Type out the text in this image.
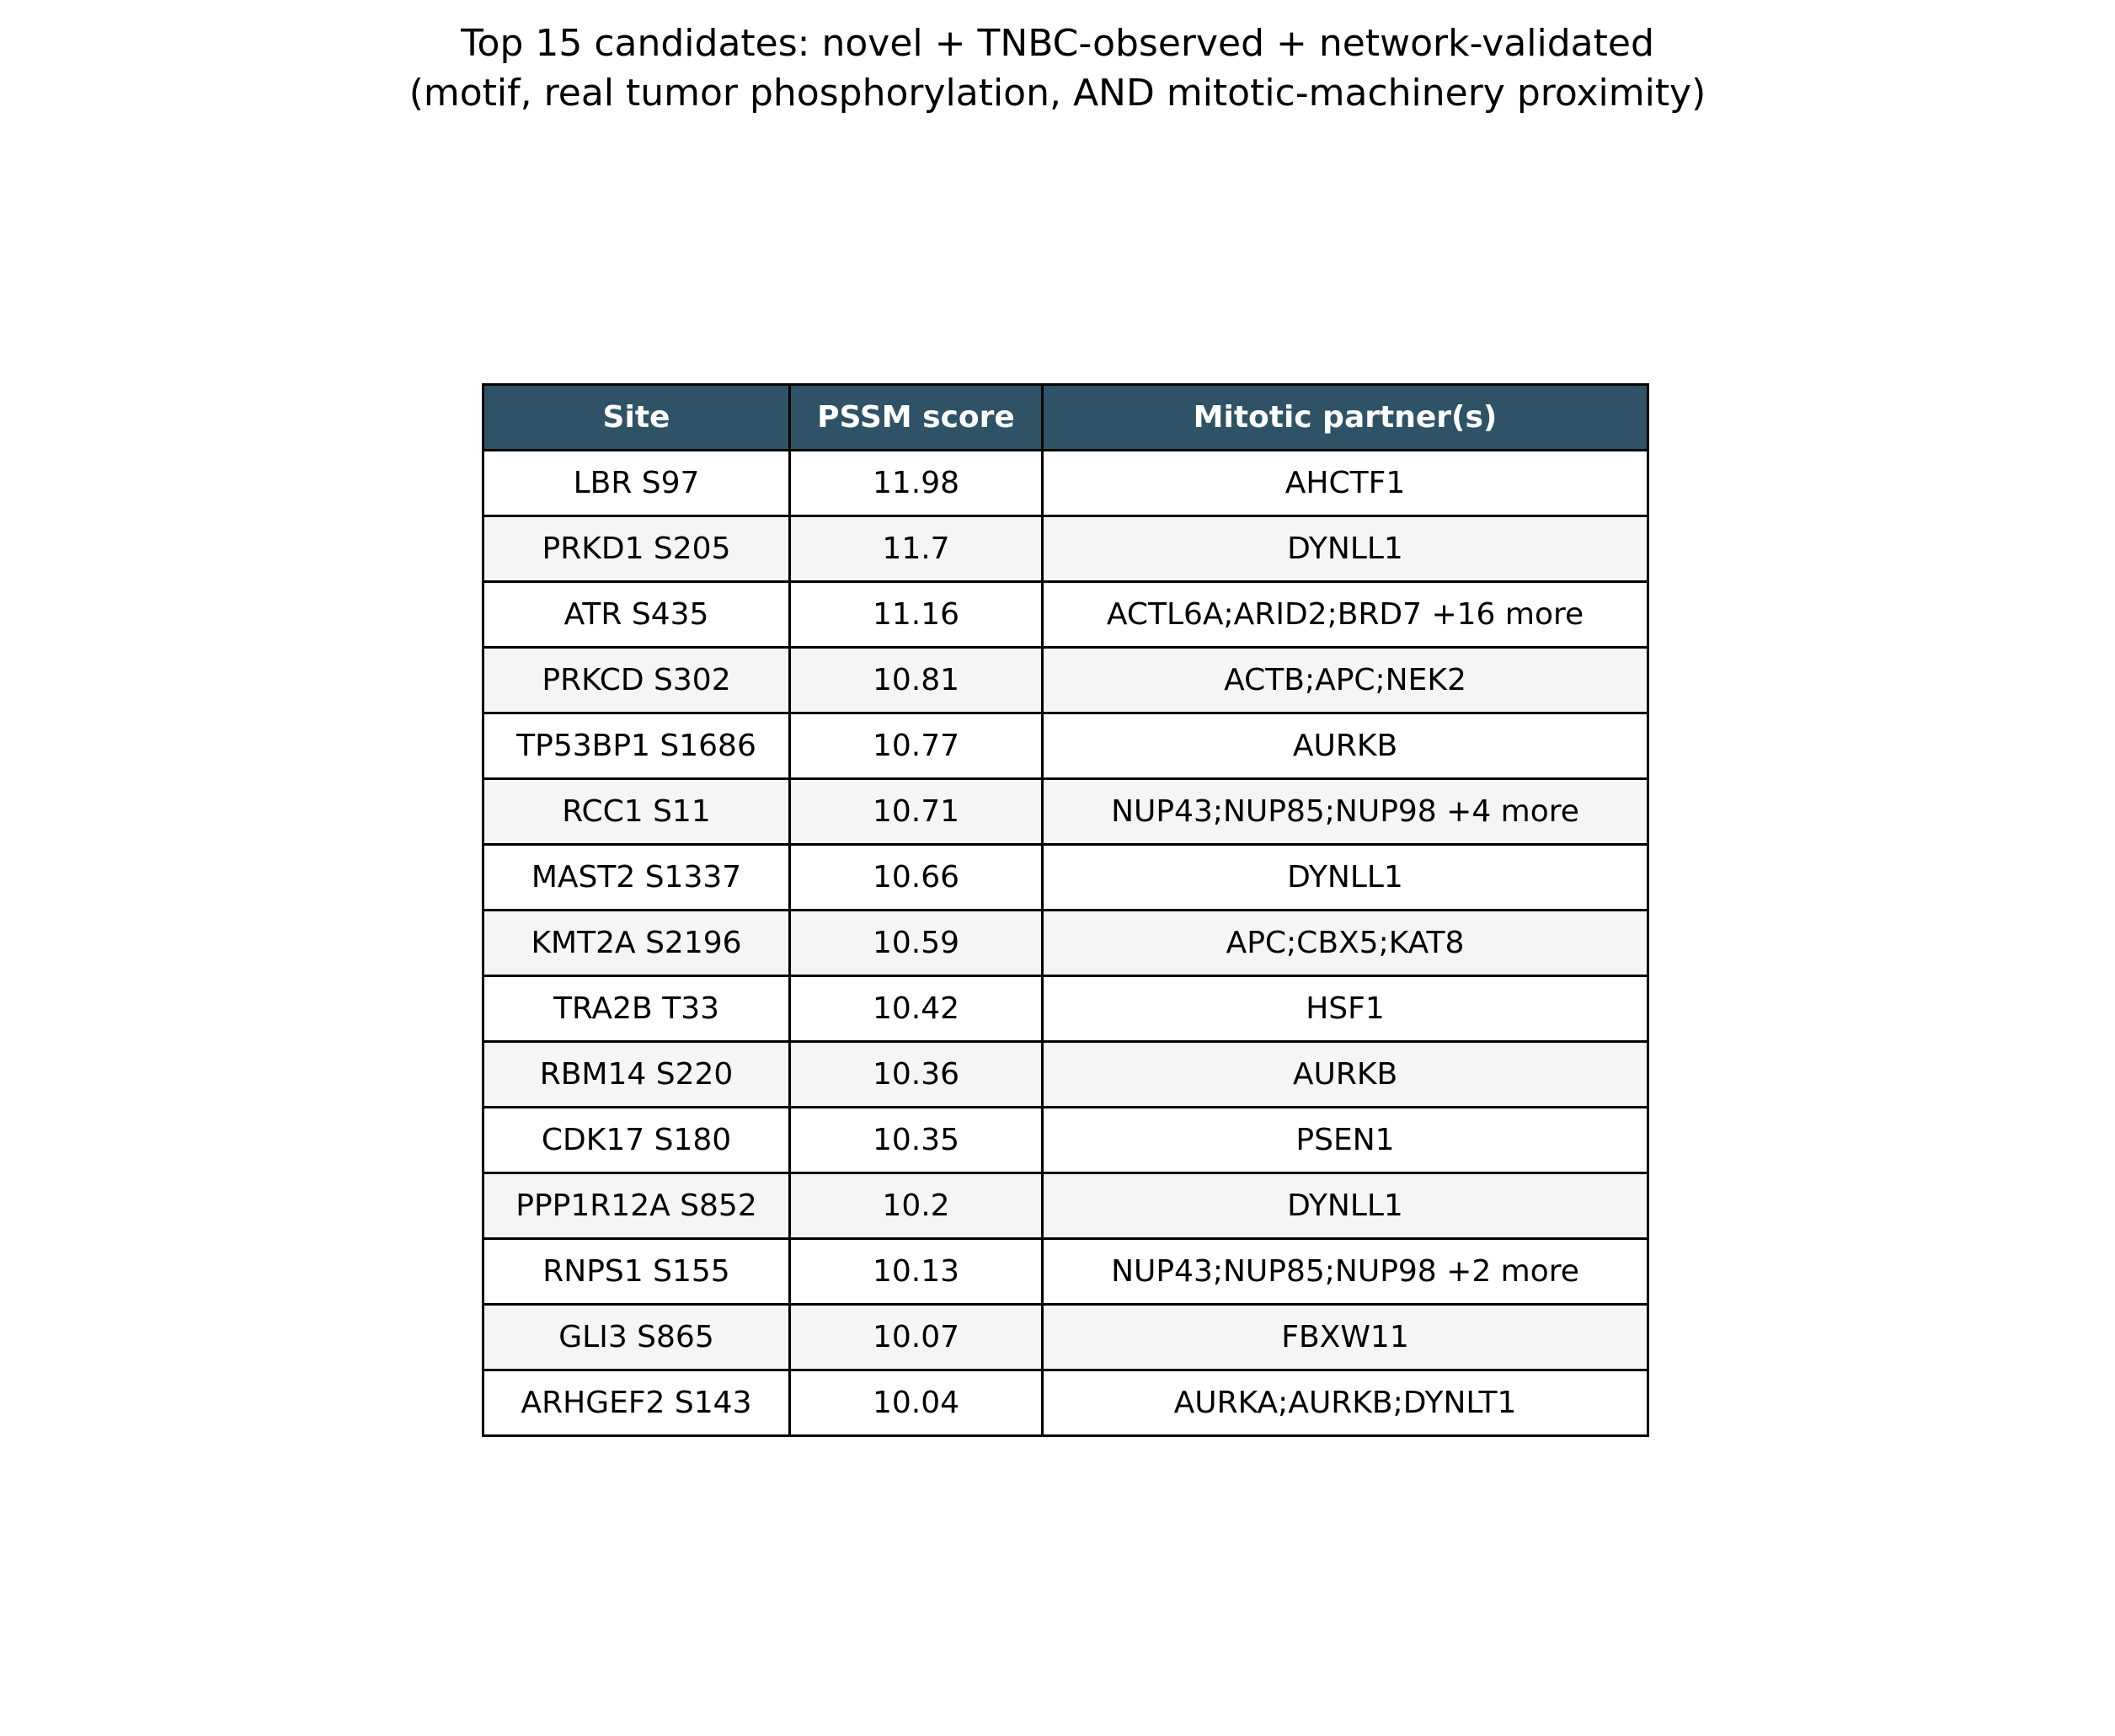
Top 15 candidates: novel + TNBC-observed + network-validated
(motif, real tumor phosphorylation, AND mitotic-machinery proximity)
Site	PSSM score	Mitotic partner(s)
LBR S97	11.98	AHCTF1
PRKD1 S205	11.7	DYNLL1
ATR S435	11.16	ACTL6A;ARID2;BRD7 +16 more
PRKCD S302	10.81	ACTB;APC;NEK2
TP53BP1 S1686	10.77	AURKB
RCC1 S11	10.71	NUP43;NUP85;NUP98 +4 more
MAST2 S1337	10.66	DYNLL1
KMT2A S2196	10.59	APC;CBX5;KAT8
TRA2B T33	10.42	HSF1
RBM14 S220	10.36	AURKB
CDK17 S180	10.35	PSEN1
PPP1R12A S852	10.2	DYNLL1
RNPS1 S155	10.13	NUP43;NUP85;NUP98 +2 more
GLI3 S865	10.07	FBXW11
ARHGEF2 S143	10.04	AURKA;AURKB;DYNLT1
